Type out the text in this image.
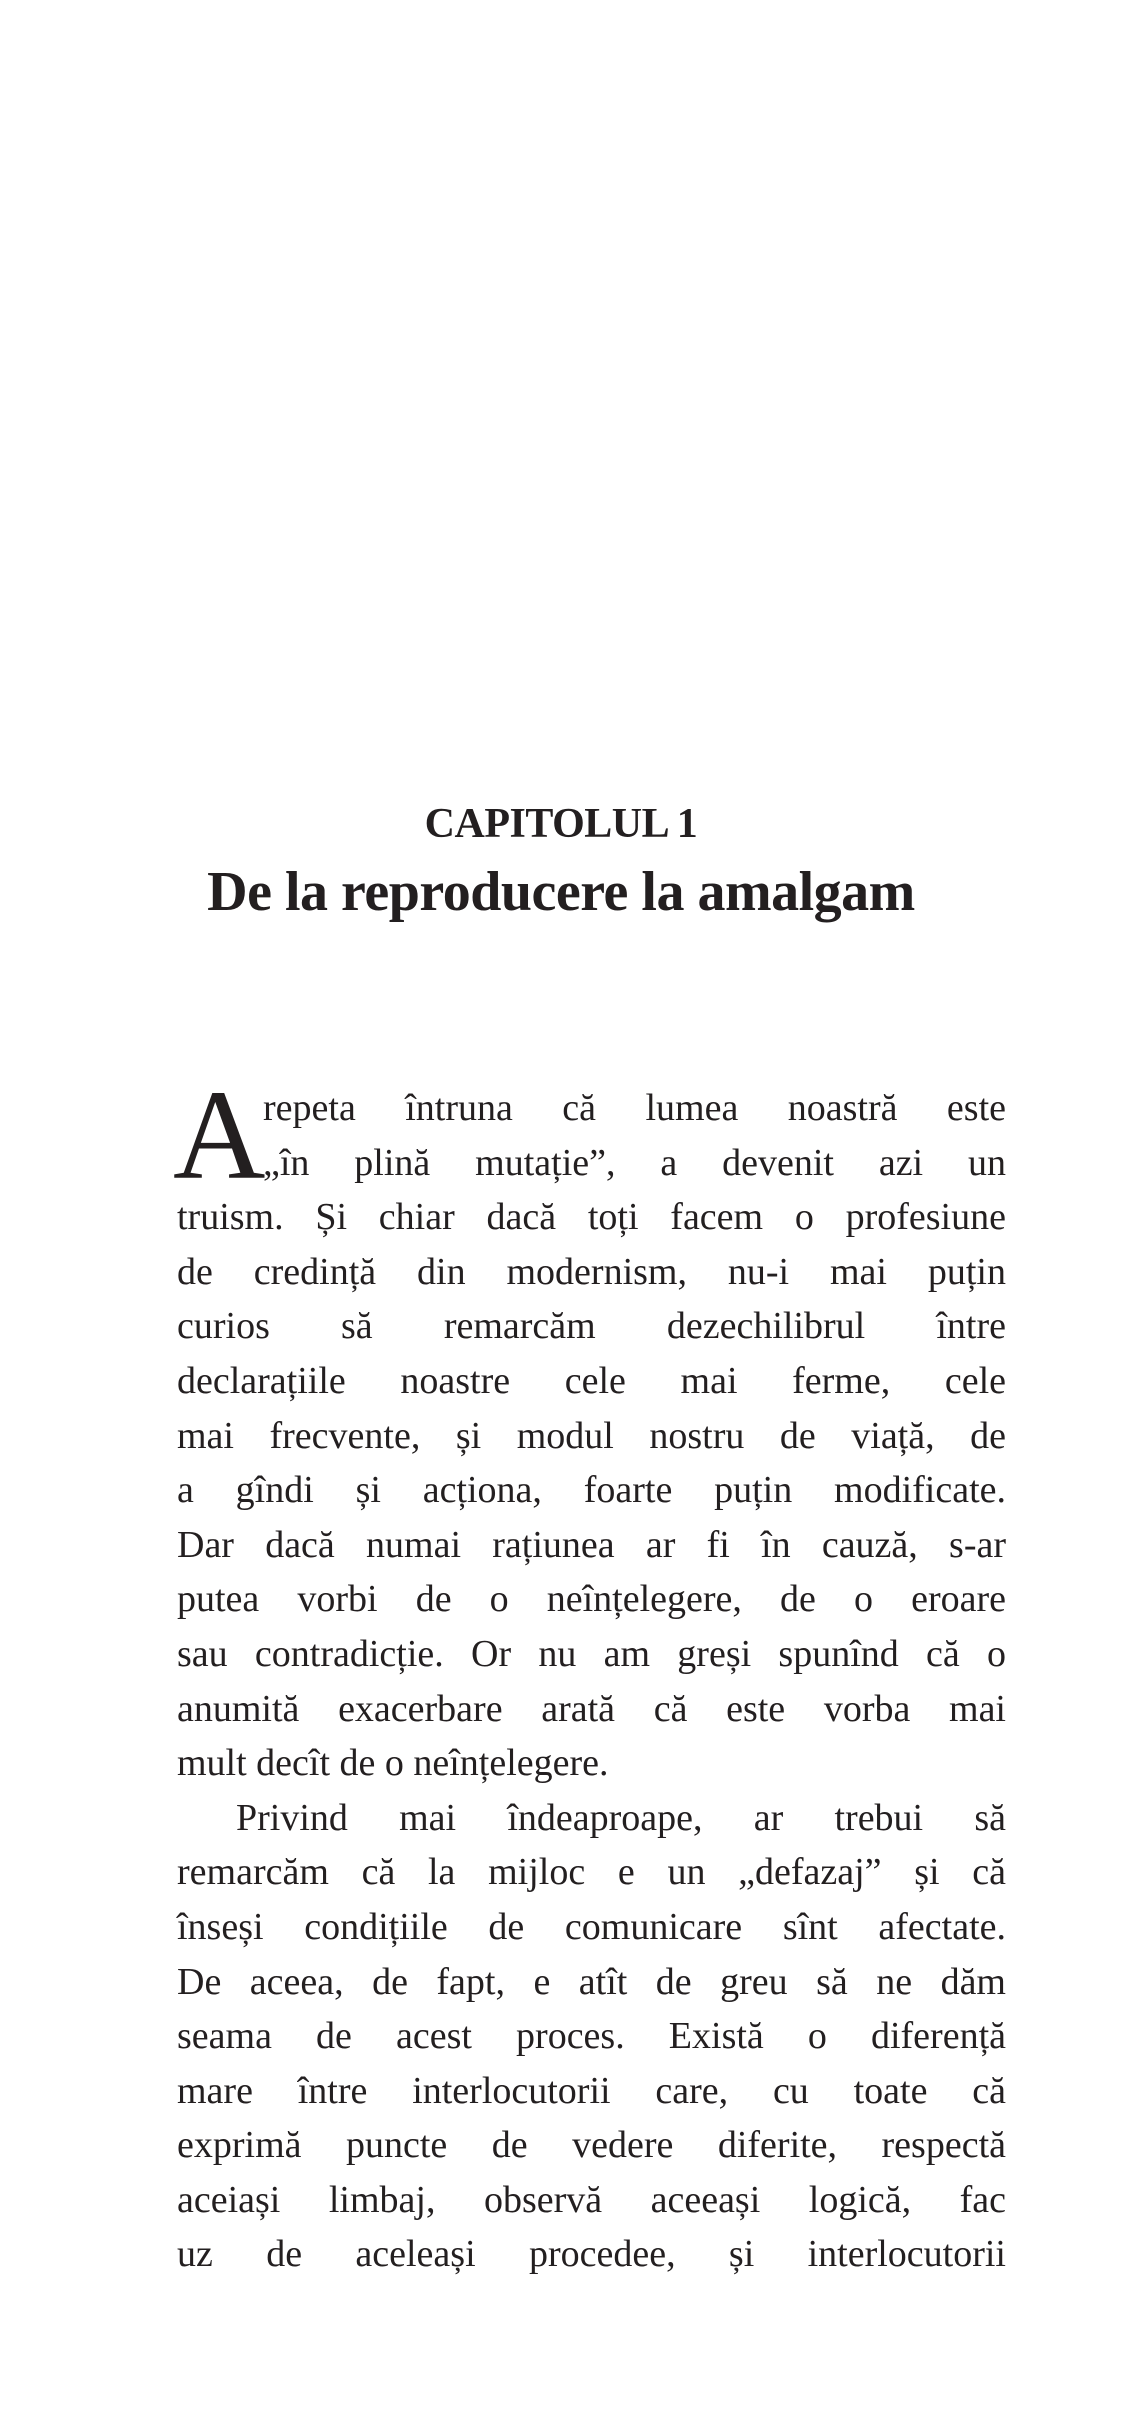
CAPITOLUL 1
De la reproducere la amalgam
A
repeta întruna că lumea noastră este
„în plină mutație”, a devenit azi un
truism. Și chiar dacă toți facem o profesiune
de credință din modernism, nu-i mai puțin
curios să remarcăm dezechilibrul între
declarațiile noastre cele mai ferme, cele
mai frecvente, și modul nostru de viață, de
a gîndi și acționa, foarte puțin modificate.
Dar dacă numai rațiunea ar fi în cauză, s-ar
putea vorbi de o neînțelegere, de o eroare
sau contradicție. Or nu am greși spunînd că o
anumită exacerbare arată că este vorba mai
mult decît de o neînțelegere.
Privind mai îndeaproape, ar trebui să
remarcăm că la mijloc e un „defazaj” și că
înseși condițiile de comunicare sînt afectate.
De aceea, de fapt, e atît de greu să ne dăm
seama de acest proces. Există o diferență
mare între interlocutorii care, cu toate că
exprimă puncte de vedere diferite, respectă
aceiași limbaj, observă aceeași logică, fac
uz de aceleași procedee, și interlocutorii
